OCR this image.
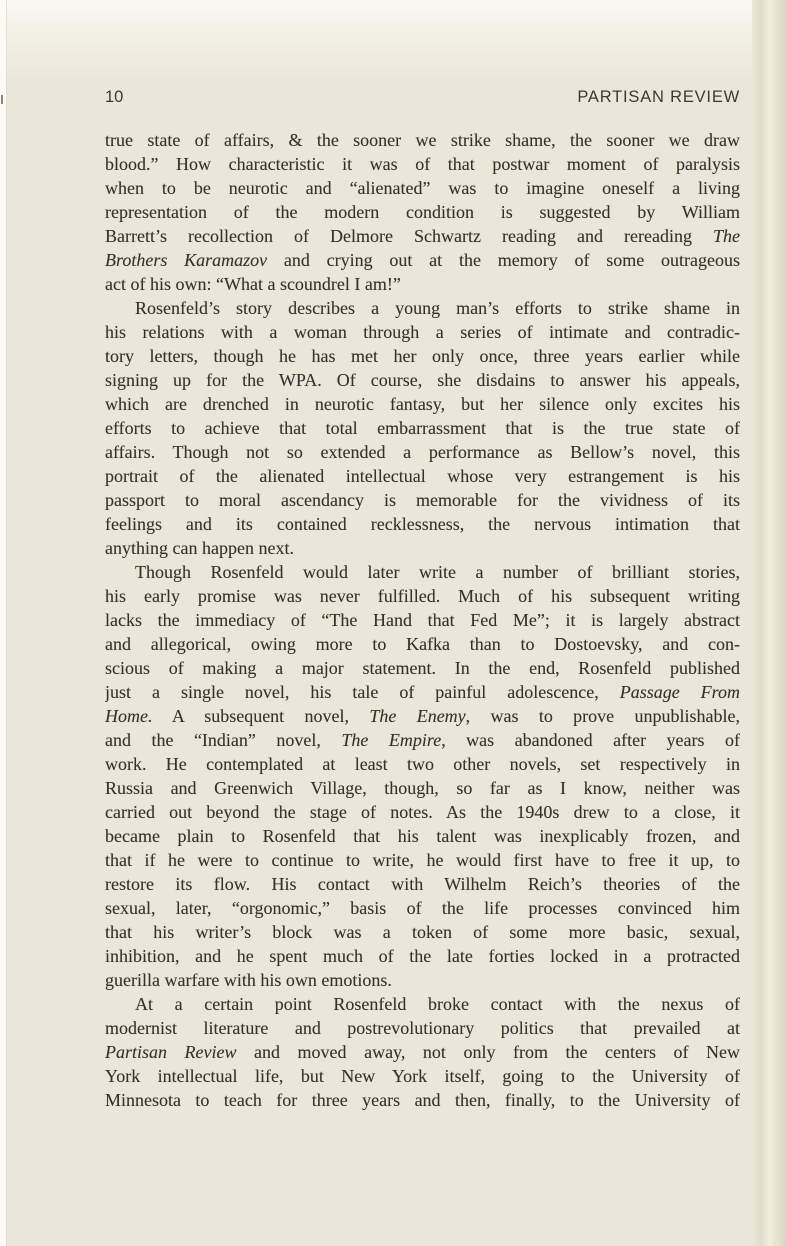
10	PARTISAN REVIEW
true state of affairs, & the sooner we strike shame, the sooner we draw
blood.” How characteristic it was of that postwar moment of paralysis
when to be neurotic and “alienated” was to imagine oneself a living
representation of the modern condition is suggested by William
Barrett’s recollection of Delmore Schwartz reading and rereading The
Brothers Karamazov and crying out at the memory of some outrageous
act of his own: “What a scoundrel I am!”
Rosenfeld’s story describes a young man’s efforts to strike shame in
his relations with a woman through a series of intimate and contradic-
tory letters, though he has met her only once, three years earlier while
signing up for the WPA. Of course, she disdains to answer his appeals,
which are drenched in neurotic fantasy, but her silence only excites his
efforts to achieve that total embarrassment that is the true state of
affairs. Though not so extended a performance as Bellow’s novel, this
portrait of the alienated intellectual whose very estrangement is his
passport to moral ascendancy is memorable for the vividness of its
feelings and its contained recklessness, the nervous intimation that
anything can happen next.
Though Rosenfeld would later write a number of brilliant stories,
his early promise was never fulfilled. Much of his subsequent writing
lacks the immediacy of “The Hand that Fed Me”; it is largely abstract
and allegorical, owing more to Kafka than to Dostoevsky, and con-
scious of making a major statement. In the end, Rosenfeld published
just a single novel, his tale of painful adolescence, Passage From
Home. A subsequent novel, The Enemy, was to prove unpublishable,
and the “Indian” novel, The Empire, was abandoned after years of
work. He contemplated at least two other novels, set respectively in
Russia and Greenwich Village, though, so far as I know, neither was
carried out beyond the stage of notes. As the 1940s drew to a close, it
became plain to Rosenfeld that his talent was inexplicably frozen, and
that if he were to continue to write, he would first have to free it up, to
restore its flow. His contact with Wilhelm Reich’s theories of the
sexual, later, “orgonomic,” basis of the life processes convinced him
that his writer’s block was a token of some more basic, sexual,
inhibition, and he spent much of the late forties locked in a protracted
guerilla warfare with his own emotions.
At a certain point Rosenfeld broke contact with the nexus of
modernist literature and postrevolutionary politics that prevailed at
Partisan Review and moved away, not only from the centers of New
York intellectual life, but New York itself, going to the University of
Minnesota to teach for three years and then, finally, to the University of
